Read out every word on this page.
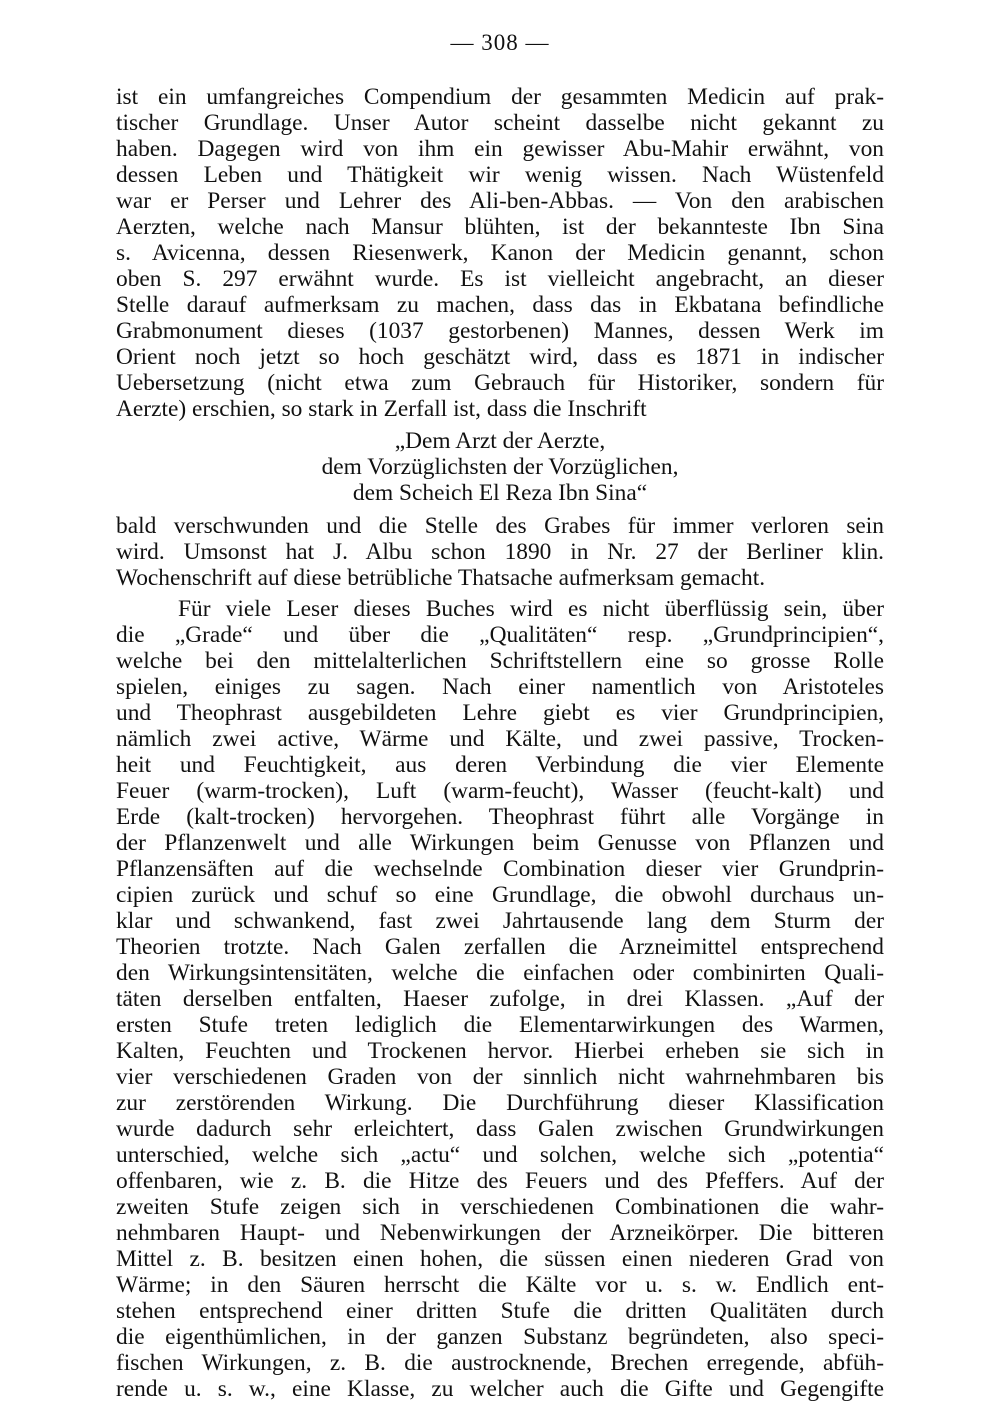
— 308 —
ist ein umfangreiches Compendium der gesammten Medicin auf prak-
tischer Grundlage. Unser Autor scheint dasselbe nicht gekannt zu
haben. Dagegen wird von ihm ein gewisser Abu-Mahir erwähnt, von
dessen Leben und Thätigkeit wir wenig wissen. Nach Wüstenfeld
war er Perser und Lehrer des Ali-ben-Abbas. — Von den arabischen
Aerzten, welche nach Mansur blühten, ist der bekannteste Ibn Sina
s. Avicenna, dessen Riesenwerk, Kanon der Medicin genannt, schon
oben S. 297 erwähnt wurde. Es ist vielleicht angebracht, an dieser
Stelle darauf aufmerksam zu machen, dass das in Ekbatana befindliche
Grabmonument dieses (1037 gestorbenen) Mannes, dessen Werk im
Orient noch jetzt so hoch geschätzt wird, dass es 1871 in indischer
Uebersetzung (nicht etwa zum Gebrauch für Historiker, sondern für
Aerzte) erschien, so stark in Zerfall ist, dass die Inschrift
„Dem Arzt der Aerzte,
dem Vorzüglichsten der Vorzüglichen,
dem Scheich El Reza Ibn Sina“
bald verschwunden und die Stelle des Grabes für immer verloren sein
wird. Umsonst hat J. Albu schon 1890 in Nr. 27 der Berliner klin.
Wochenschrift auf diese betrübliche Thatsache aufmerksam gemacht.
Für viele Leser dieses Buches wird es nicht überflüssig sein, über
die „Grade“ und über die „Qualitäten“ resp. „Grundprincipien“,
welche bei den mittelalterlichen Schriftstellern eine so grosse Rolle
spielen, einiges zu sagen. Nach einer namentlich von Aristoteles
und Theophrast ausgebildeten Lehre giebt es vier Grundprincipien,
nämlich zwei active, Wärme und Kälte, und zwei passive, Trocken-
heit und Feuchtigkeit, aus deren Verbindung die vier Elemente
Feuer (warm-trocken), Luft (warm-feucht), Wasser (feucht-kalt) und
Erde (kalt-trocken) hervorgehen. Theophrast führt alle Vorgänge in
der Pflanzenwelt und alle Wirkungen beim Genusse von Pflanzen und
Pflanzensäften auf die wechselnde Combination dieser vier Grundprin-
cipien zurück und schuf so eine Grundlage, die obwohl durchaus un-
klar und schwankend, fast zwei Jahrtausende lang dem Sturm der
Theorien trotzte. Nach Galen zerfallen die Arzneimittel entsprechend
den Wirkungsintensitäten, welche die einfachen oder combinirten Quali-
täten derselben entfalten, Haeser zufolge, in drei Klassen. „Auf der
ersten Stufe treten lediglich die Elementarwirkungen des Warmen,
Kalten, Feuchten und Trockenen hervor. Hierbei erheben sie sich in
vier verschiedenen Graden von der sinnlich nicht wahrnehmbaren bis
zur zerstörenden Wirkung. Die Durchführung dieser Klassification
wurde dadurch sehr erleichtert, dass Galen zwischen Grundwirkungen
unterschied, welche sich „actu“ und solchen, welche sich „potentia“
offenbaren, wie z. B. die Hitze des Feuers und des Pfeffers. Auf der
zweiten Stufe zeigen sich in verschiedenen Combinationen die wahr-
nehmbaren Haupt- und Nebenwirkungen der Arzneikörper. Die bitteren
Mittel z. B. besitzen einen hohen, die süssen einen niederen Grad von
Wärme; in den Säuren herrscht die Kälte vor u. s. w. Endlich ent-
stehen entsprechend einer dritten Stufe die dritten Qualitäten durch
die eigenthümlichen, in der ganzen Substanz begründeten, also speci-
fischen Wirkungen, z. B. die austrocknende, Brechen erregende, abfüh-
rende u. s. w., eine Klasse, zu welcher auch die Gifte und Gegengifte
